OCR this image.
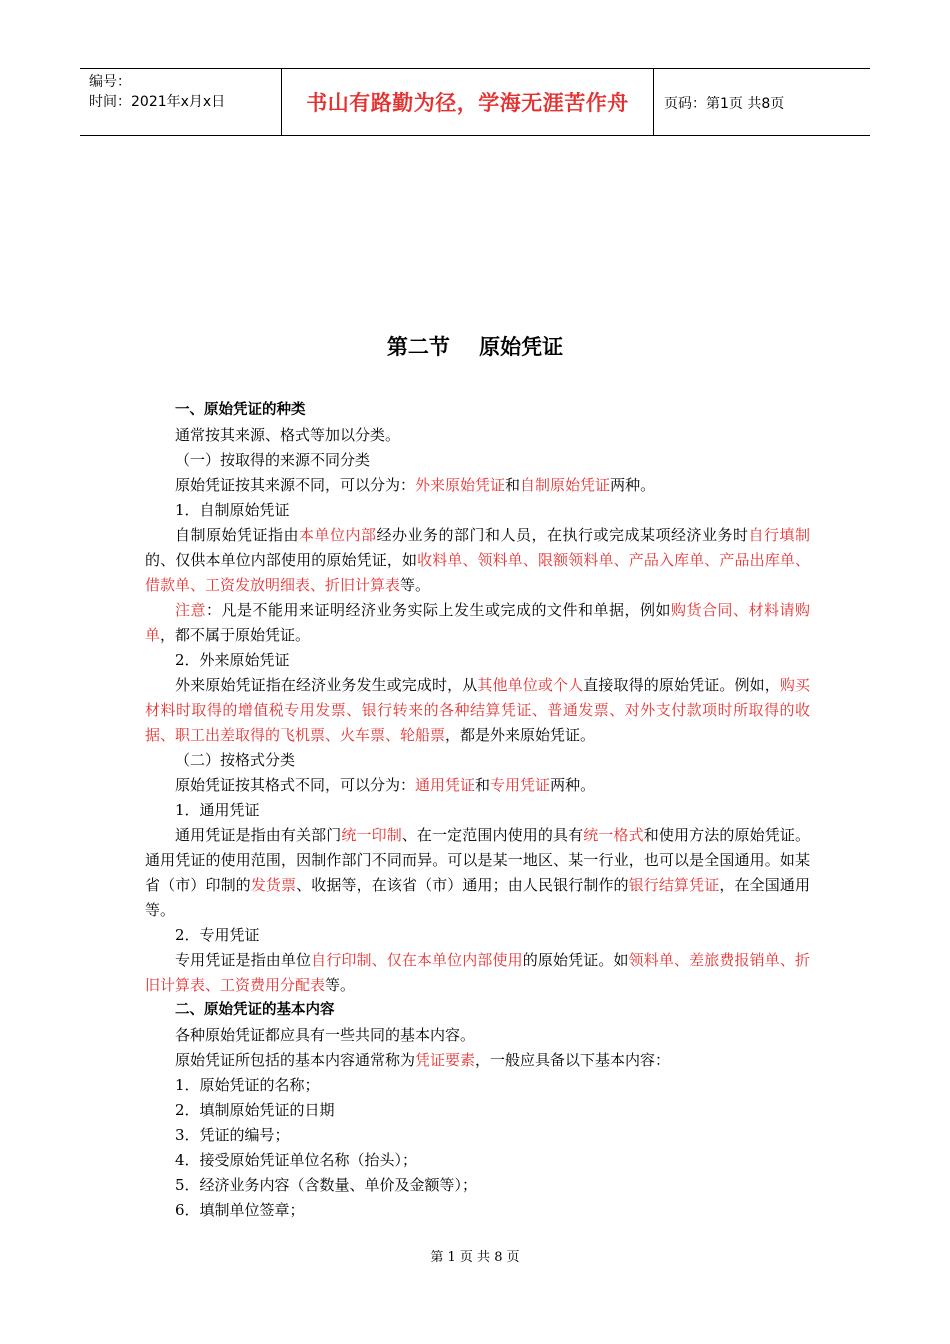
编号：
时间：2021年x月x日	书山有路勤为径，学海无涯苦作舟	页码：第1页 共8页
第二节    原始凭证

一、原始凭证的种类

通常按其来源、格式等加以分类。

（一）按取得的来源不同分类

原始凭证按其来源不同，可以分为：外来原始凭证和自制原始凭证两种。

1．自制原始凭证

自制原始凭证指由本单位内部经办业务的部门和人员，在执行或完成某项经济业务时自行填制的、仅供本单位内部使用的原始凭证，如收料单、领料单、限额领料单、产品入库单、产品出库单、借款单、工资发放明细表、折旧计算表等。

注意：凡是不能用来证明经济业务实际上发生或完成的文件和单据，例如购货合同、材料请购单，都不属于原始凭证。

2．外来原始凭证

外来原始凭证指在经济业务发生或完成时，从其他单位或个人直接取得的原始凭证。例如，购买材料时取得的增值税专用发票、银行转来的各种结算凭证、普通发票、对外支付款项时所取得的收据、职工出差取得的飞机票、火车票、轮船票，都是外来原始凭证。

（二）按格式分类

原始凭证按其格式不同，可以分为：通用凭证和专用凭证两种。

1．通用凭证

通用凭证是指由有关部门统一印制、在一定范围内使用的具有统一格式和使用方法的原始凭证。通用凭证的使用范围，因制作部门不同而异。可以是某一地区、某一行业，也可以是全国通用。如某省（市）印制的发货票、收据等，在该省（市）通用；由人民银行制作的银行结算凭证，在全国通用等。

2．专用凭证

专用凭证是指由单位自行印制、仅在本单位内部使用的原始凭证。如领料单、差旅费报销单、折旧计算表、工资费用分配表等。

二、原始凭证的基本内容

各种原始凭证都应具有一些共同的基本内容。

原始凭证所包括的基本内容通常称为凭证要素，一般应具备以下基本内容：

1．原始凭证的名称；

2．填制原始凭证的日期

3．凭证的编号；

4．接受原始凭证单位名称（抬头）；

5．经济业务内容（含数量、单价及金额等）；

6．填制单位签章；

第 1 页 共 8 页
